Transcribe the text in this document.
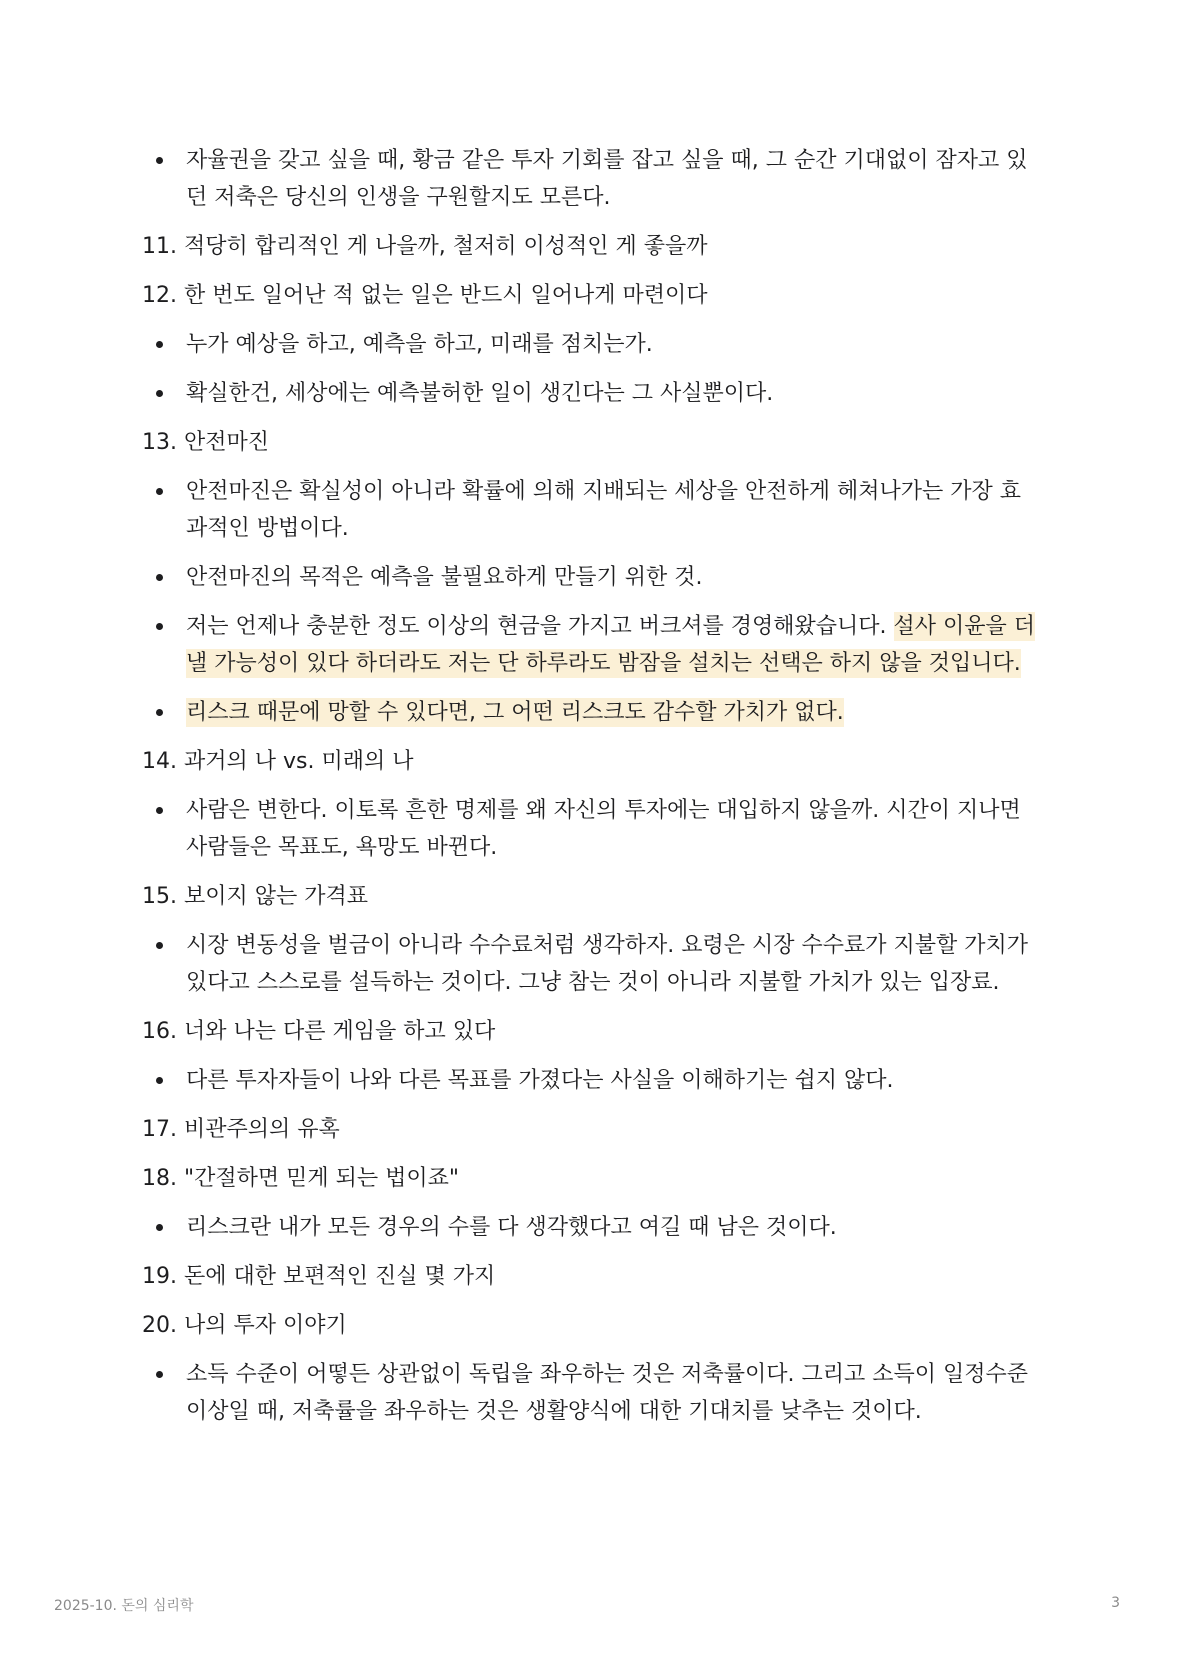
자율권을 갖고 싶을 때, 황금 같은 투자 기회를 잡고 싶을 때, 그 순간 기대없이 잠자고 있던 저축은 당신의 인생을 구원할지도 모른다.
11. 적당히 합리적인 게 나을까, 철저히 이성적인 게 좋을까
12. 한 번도 일어난 적 없는 일은 반드시 일어나게 마련이다
누가 예상을 하고, 예측을 하고, 미래를 점치는가.
확실한건, 세상에는 예측불허한 일이 생긴다는 그 사실뿐이다.
13. 안전마진
안전마진은 확실성이 아니라 확률에 의해 지배되는 세상을 안전하게 헤쳐나가는 가장 효과적인 방법이다.
안전마진의 목적은 예측을 불필요하게 만들기 위한 것.
저는 언제나 충분한 정도 이상의 현금을 가지고 버크셔를 경영해왔습니다. 설사 이윤을 더 낼 가능성이 있다 하더라도 저는 단 하루라도 밤잠을 설치는 선택은 하지 않을 것입니다.
리스크 때문에 망할 수 있다면, 그 어떤 리스크도 감수할 가치가 없다.
14. 과거의 나 vs. 미래의 나
사람은 변한다. 이토록 흔한 명제를 왜 자신의 투자에는 대입하지 않을까. 시간이 지나면 사람들은 목표도, 욕망도 바뀐다.
15. 보이지 않는 가격표
시장 변동성을 벌금이 아니라 수수료처럼 생각하자. 요령은 시장 수수료가 지불할 가치가 있다고 스스로를 설득하는 것이다. 그냥 참는 것이 아니라 지불할 가치가 있는 입장료.
16. 너와 나는 다른 게임을 하고 있다
다른 투자자들이 나와 다른 목표를 가졌다는 사실을 이해하기는 쉽지 않다.
17. 비관주의의 유혹
18. "간절하면 믿게 되는 법이죠"
리스크란 내가 모든 경우의 수를 다 생각했다고 여길 때 남은 것이다.
19. 돈에 대한 보편적인 진실 몇 가지
20. 나의 투자 이야기
소득 수준이 어떻든 상관없이 독립을 좌우하는 것은 저축률이다. 그리고 소득이 일정수준 이상일 때, 저축률을 좌우하는 것은 생활양식에 대한 기대치를 낮추는 것이다.
2025-10. 돈의 심리학	3
